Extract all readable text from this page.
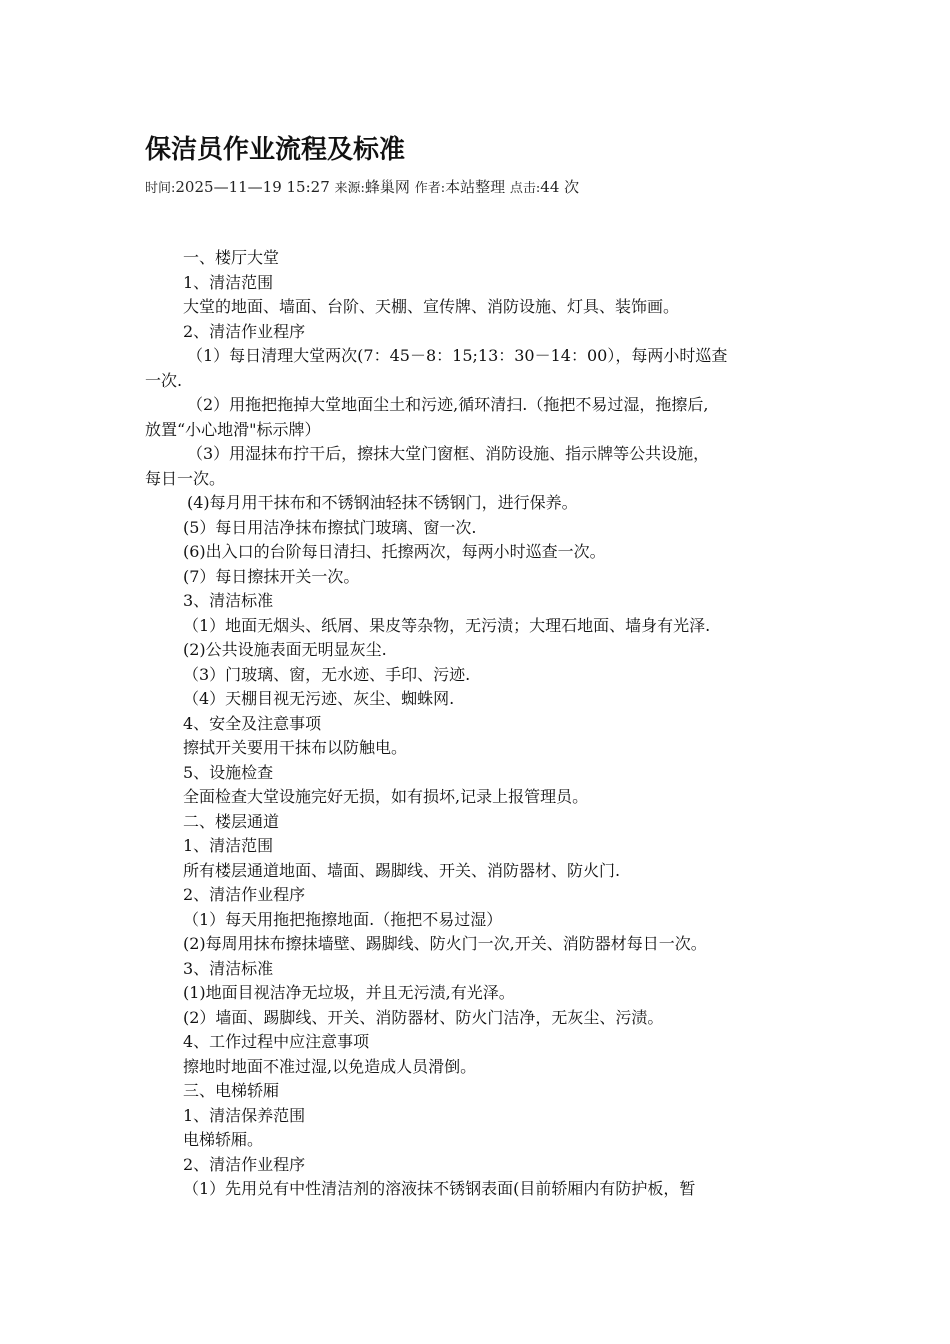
保洁员作业流程及标准
时间:2025—11—19 15:27 来源:蜂巢网 作者:本站整理 点击:44 次
一、楼厅大堂
1、清洁范围
大堂的地面、墙面、台阶、天棚、宣传牌、消防设施、灯具、装饰画。
2、清洁作业程序
（1）每日清理大堂两次(7：45－8：15;13：30－14：00），每两小时巡查
一次.
（2）用拖把拖掉大堂地面尘土和污迹,循环清扫.（拖把不易过湿，拖擦后,
放置“小心地滑"标示牌）
（3）用湿抹布拧干后，擦抹大堂门窗框、消防设施、指示牌等公共设施，
每日一次。
(4)每月用干抹布和不锈钢油轻抹不锈钢门，进行保养。
(5）每日用洁净抹布擦拭门玻璃、窗一次.
(6)出入口的台阶每日清扫、托擦两次，每两小时巡查一次。
(7）每日擦抹开关一次。
3、清洁标准
（1）地面无烟头、纸屑、果皮等杂物，无污渍；大理石地面、墙身有光泽.
(2)公共设施表面无明显灰尘.
（3）门玻璃、窗，无水迹、手印、污迹.
（4）天棚目视无污迹、灰尘、蜘蛛网.
4、安全及注意事项
擦拭开关要用干抹布以防触电。
5、设施检查
全面检查大堂设施完好无损，如有损坏,记录上报管理员。
二、楼层通道
1、清洁范围
所有楼层通道地面、墙面、踢脚线、开关、消防器材、防火门.
2、清洁作业程序
（1）每天用拖把拖擦地面.（拖把不易过湿）
(2)每周用抹布擦抹墙壁、踢脚线、防火门一次,开关、消防器材每日一次。
3、清洁标准
(1)地面目视洁净无垃圾，并且无污渍,有光泽。
(2）墙面、踢脚线、开关、消防器材、防火门洁净，无灰尘、污渍。
4、工作过程中应注意事项
擦地时地面不准过湿,以免造成人员滑倒。
三、电梯轿厢
1、清洁保养范围
电梯轿厢。
2、清洁作业程序
（1）先用兑有中性清洁剂的溶液抹不锈钢表面(目前轿厢内有防护板，暂
